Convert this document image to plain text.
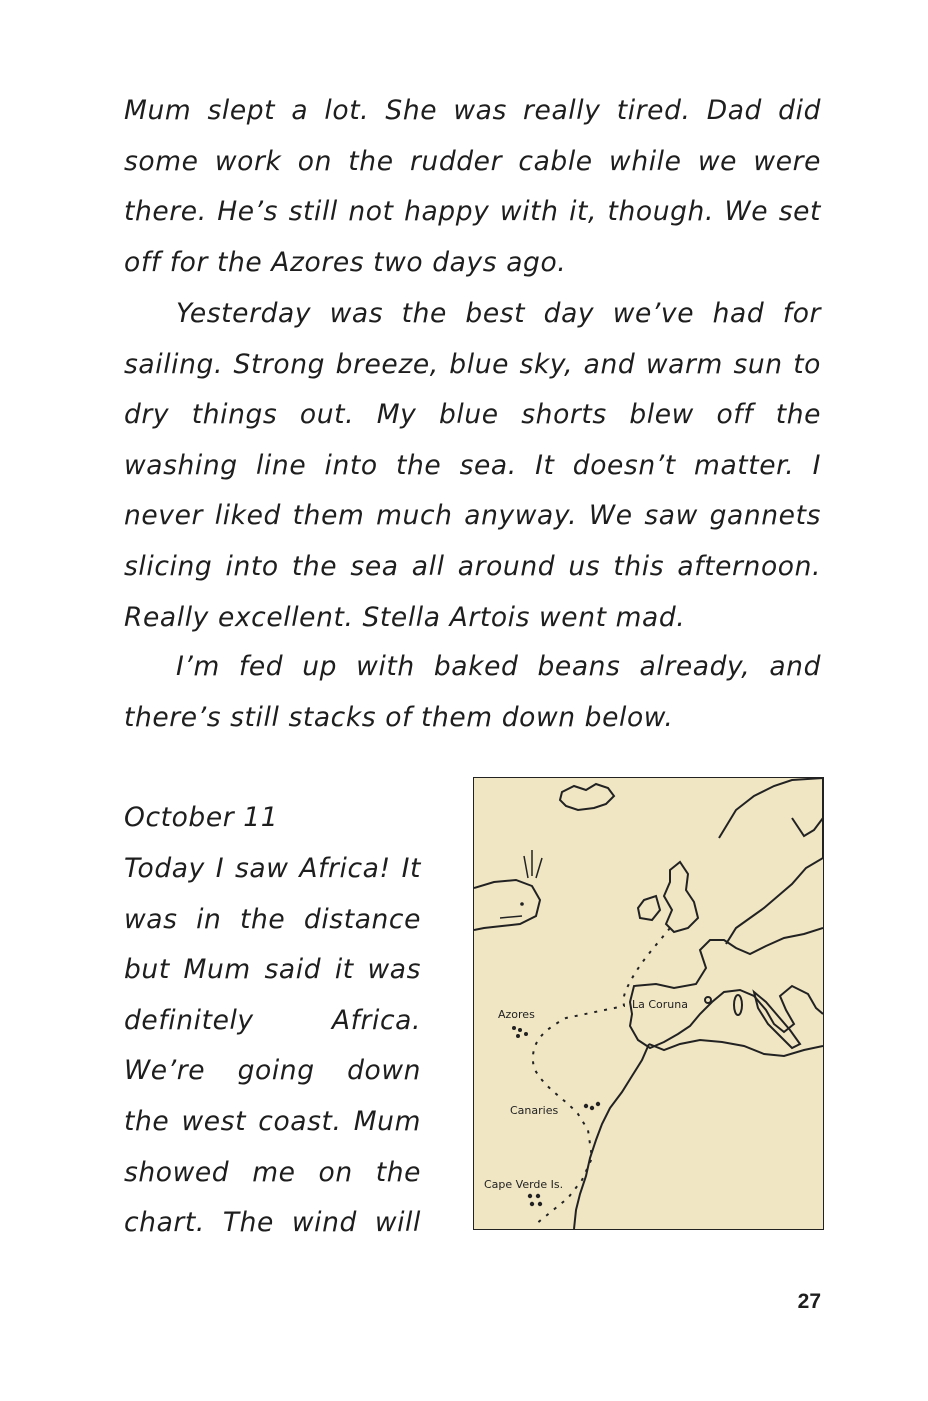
Mum slept a lot. She was really tired. Dad did some work on the rudder cable while we were there. He’s still not happy with it, though. We set off for the Azores two days ago.

Yesterday was the best day we’ve had for sailing. Strong breeze, blue sky, and warm sun to dry things out. My blue shorts blew off the washing line into the sea. It doesn’t matter. I never liked them much anyway. We saw gannets slicing into the sea all around us this afternoon. Really excellent. Stella Artois went mad.

I’m fed up with baked beans already, and there’s still stacks of them down below.

October 11

Today I saw Africa! It was in the distance but Mum said it was definitely Africa. We’re going down the west coast. Mum showed me on the chart. The wind will

Azores
La Coruna
Canaries
Cape Verde Is.
27
